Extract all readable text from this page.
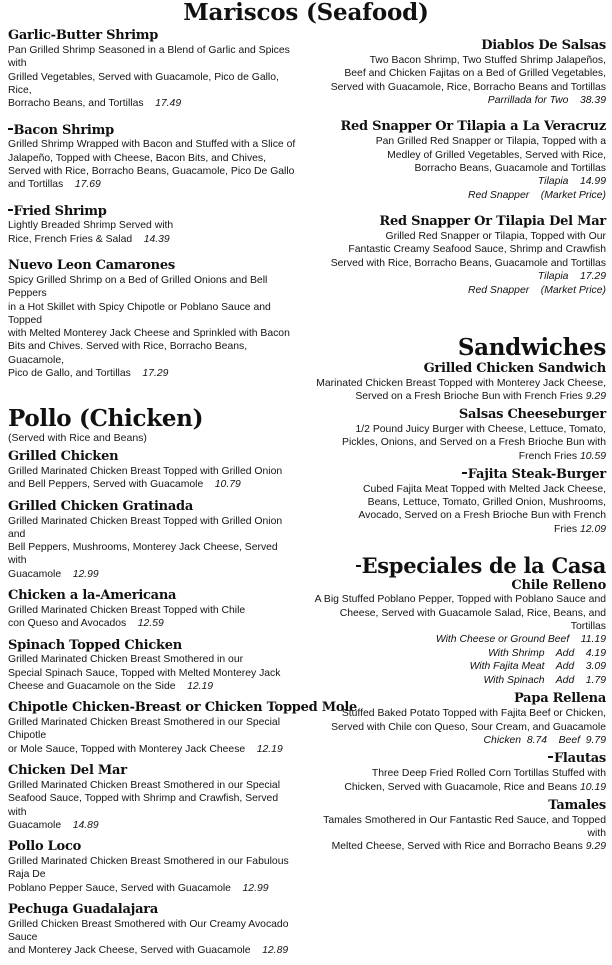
Mariscos (Seafood)
Garlic-Butter Shrimp
Pan Grilled Shrimp Seasoned in a Blend of Garlic and Spices with
Grilled Vegetables, Served with Guacamole, Pico de Gallo, Rice,
Borracho Beans, and Tortillas    17.49
Bacon Shrimp
Grilled Shrimp Wrapped with Bacon and Stuffed with a Slice of
Jalapeño, Topped with Cheese, Bacon Bits, and Chives,
Served with Rice, Borracho Beans, Guacamole, Pico De Gallo
and Tortillas    17.69
Fried Shrimp
Lightly Breaded Shrimp Served with
Rice, French Fries & Salad    14.39
Nuevo Leon Camarones
Spicy Grilled Shrimp on a Bed of Grilled Onions and Bell Peppers
in a Hot Skillet with Spicy Chipotle or Poblano Sauce and Topped
with Melted Monterey Jack Cheese and Sprinkled with Bacon
Bits and Chives. Served with Rice, Borracho Beans, Guacamole,
Pico de Gallo, and Tortillas    17.29
Pollo (Chicken)
(Served with Rice and Beans)
Grilled Chicken
Grilled Marinated Chicken Breast Topped with Grilled Onion
and Bell Peppers, Served with Guacamole    10.79
Grilled Chicken Gratinada
Grilled Marinated Chicken Breast Topped with Grilled Onion and
Bell Peppers, Mushrooms, Monterey Jack Cheese, Served with
Guacamole    12.99
Chicken a la-Americana
Grilled Marinated Chicken Breast Topped with Chile
con Queso and Avocados    12.59
Spinach Topped Chicken
Grilled Marinated Chicken Breast Smothered in our
Special Spinach Sauce, Topped with Melted Monterey Jack
Cheese and Guacamole on the Side    12.19
Chipotle Chicken-Breast or Chicken Topped Mole
Grilled Marinated Chicken Breast Smothered in our Special Chipotle
or Mole Sauce, Topped with Monterey Jack Cheese    12.19
Chicken Del Mar
Grilled Marinated Chicken Breast Smothered in our Special
Seafood Sauce, Topped with Shrimp and Crawfish, Served with
Guacamole    14.89
Pollo Loco
Grilled Marinated Chicken Breast Smothered in our Fabulous Raja De
Poblano Pepper Sauce, Served with Guacamole    12.99
Pechuga Guadalajara
Grilled Chicken Breast Smothered with Our Creamy Avocado Sauce
and Monterey Jack Cheese, Served with Guacamole    12.89
Diablos De Salsas
Two Bacon Shrimp, Two Stuffed Shrimp Jalapeños,
Beef and Chicken Fajitas on a Bed of Grilled Vegetables,
Served with Guacamole, Rice, Borracho Beans and Tortillas
Parrillada for Two    38.39
Red Snapper Or Tilapia a La Veracruz
Pan Grilled Red Snapper or Tilapia, Topped with a
Medley of Grilled Vegetables, Served with Rice,
Borracho Beans, Guacamole and Tortillas
Tilapia    14.99
Red Snapper    (Market Price)
Red Snapper Or Tilapia Del Mar
Grilled Red Snapper or Tilapia, Topped with Our
Fantastic Creamy Seafood Sauce, Shrimp and Crawfish
Served with Rice, Borracho Beans, Guacamole and Tortillas
Tilapia    17.29
Red Snapper    (Market Price)
Sandwiches
Grilled Chicken Sandwich
Marinated Chicken Breast Topped with Monterey Jack Cheese,
Served on a Fresh Brioche Bun with French Fries 9.29
Salsas Cheeseburger
1/2 Pound Juicy Burger with Cheese, Lettuce, Tomato,
Pickles, Onions, and Served on a Fresh Brioche Bun with
French Fries 10.59
Fajita Steak-Burger
Cubed Fajita Meat Topped with Melted Jack Cheese,
Beans, Lettuce, Tomato, Grilled Onion, Mushrooms,
Avocado, Served on a Fresh Brioche Bun with French Fries 12.09
Especiales de la Casa
Chile Relleno
A Big Stuffed Poblano Pepper, Topped with Poblano Sauce and
Cheese, Served with Guacamole Salad, Rice, Beans, and Tortillas
With Cheese or Ground Beef    11.19
With Shrimp    Add    4.19
With Fajita Meat    Add    3.09
With Spinach    Add    1.79
Papa Rellena
Stuffed Baked Potato Topped with Fajita Beef or Chicken,
Served with Chile con Queso, Sour Cream, and Guacamole
Chicken  8.74    Beef  9.79
Flautas
Three Deep Fried Rolled Corn Tortillas Stuffed with
Chicken, Served with Guacamole, Rice and Beans 10.19
Tamales
Tamales Smothered in Our Fantastic Red Sauce, and Topped with
Melted Cheese, Served with Rice and Borracho Beans 9.29
